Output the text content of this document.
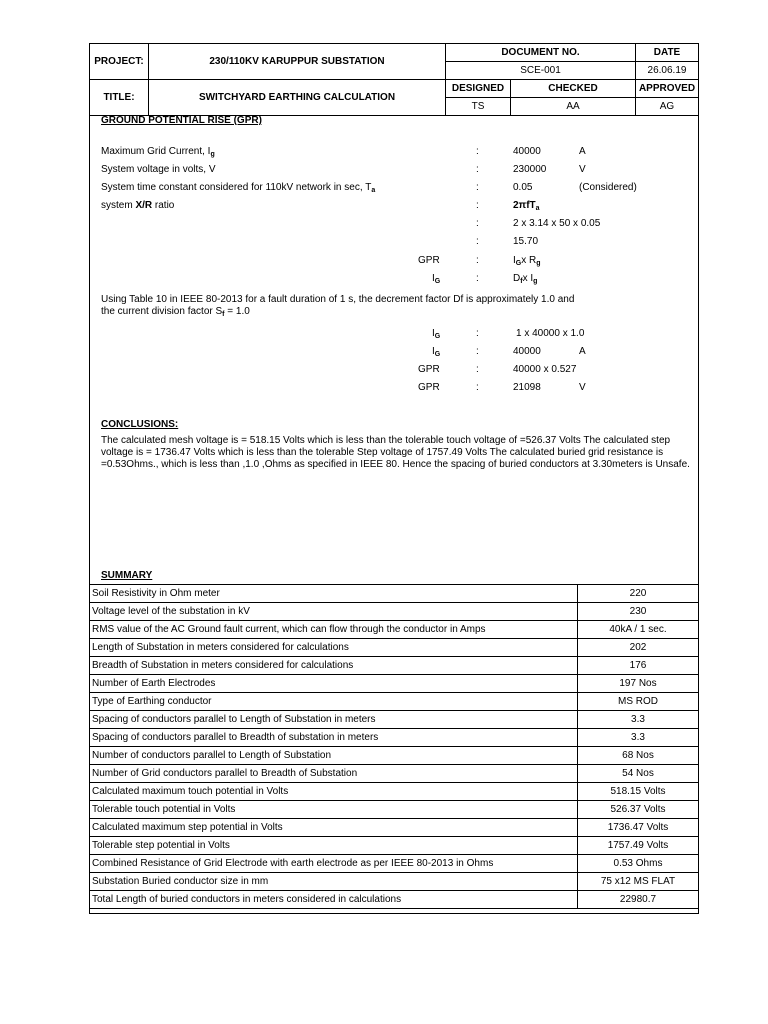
PROJECT:	230/110KV KARUPPUR SUBSTATION	DOCUMENT NO.		DATE
		SCE-001		26.06.19
TITLE:	SWITCHYARD EARTHING CALCULATION	DESIGNED	CHECKED	APPROVED
		TS	AA	AG
GROUND POTENTIAL RISE (GPR)
Maximum Grid Current, $I_g$	:	40000	A
System voltage in volts, V	:	230000	V
System time constant considered for 110kV network in sec, $T_a$	:	0.05	(Considered)
system X/R ratio	:	2πfT$_a$
:	2 x 3.14 x 50 x 0.05
:	15.70
GPR	:	$I_Gx$ $R_g$
$I_G$	:	$D_fx$ $I_g$
Using Table 10 in IEEE 80-2013 for a fault duration of 1 s, the decrement factor Df is approximately 1.0 and
the current division factor $S_f = 1.0$
$I_G$	:	1 x 40000 x 1.0
$I_G$	:	40000	A
GPR	:	40000 x 0.527
GPR	:	21098	V
CONCLUSIONS:
The calculated mesh voltage is = 518.15 Volts which is less than the tolerable touch voltage of =526.37 Volts The calculated step voltage is = 1736.47 Volts which is less than the tolerable Step voltage of 1757.49 Volts The calculated buried grid resistance is =0.53Ohms., which is less than ,1.0 ,Ohms as specified in IEEE 80. Hence the spacing of buried conductors at 3.30meters is Unsafe.
SUMMARY
Soil Resistivity in Ohm meter	220
Voltage level of the substation in kV	230
RMS value of the AC Ground fault current, which can flow through the conductor in Amps	40kA / 1 sec.
Length of Substation in meters considered for calculations	202
Breadth of Substation in meters considered for calculations	176
Number of Earth Electrodes	197 Nos
Type of Earthing conductor	MS ROD
Spacing of conductors parallel to Length of Substation in meters	3.3
Spacing of conductors parallel to Breadth of substation in meters	3.3
Number of conductors parallel to Length of Substation	68 Nos
Number of Grid conductors parallel to Breadth of Substation	54 Nos
Calculated maximum touch potential in Volts	518.15 Volts
Tolerable touch potential in Volts	526.37 Volts
Calculated maximum step potential in Volts	1736.47 Volts
Tolerable step potential in Volts	1757.49 Volts
Combined Resistance of Grid Electrode with earth electrode as per IEEE 80-2013 in Ohms	0.53 Ohms
Substation Buried conductor size in mm	75 x12 MS FLAT
Total Length of buried conductors in meters considered in calculations	22980.7
